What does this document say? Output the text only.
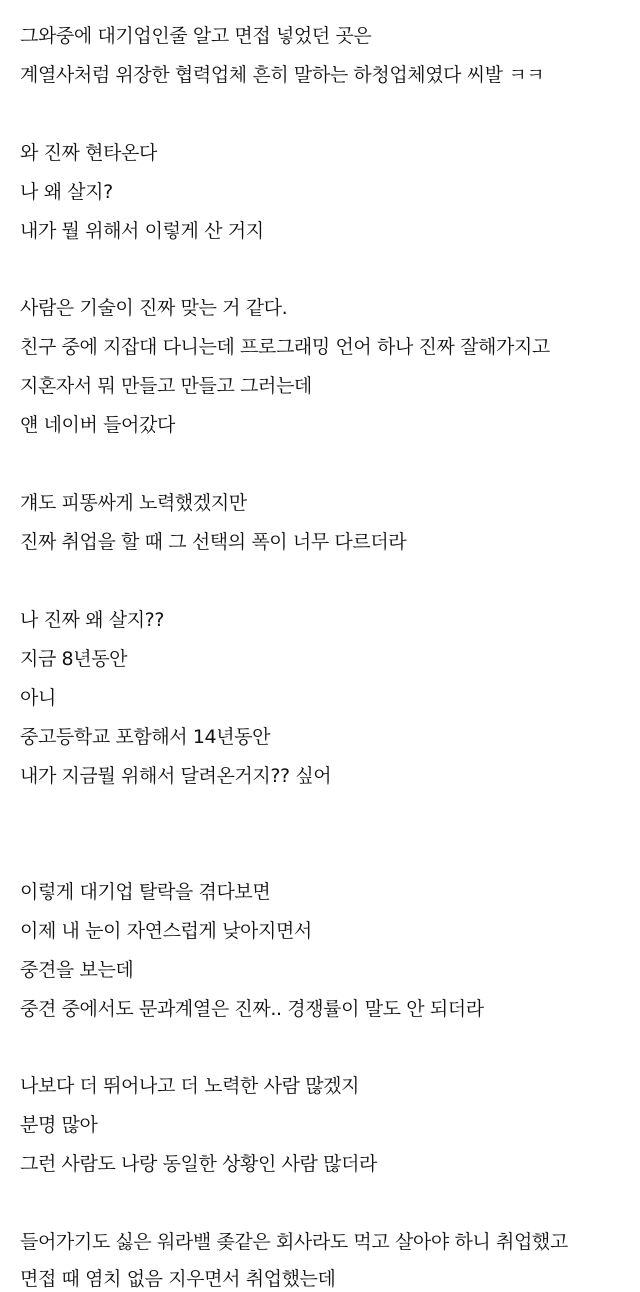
그와중에 대기업인줄 알고 면접 넣었던 곳은
계열사처럼 위장한 협력업체 흔히 말하는 하청업체였다 씨발 ㅋㅋ
와 진짜 현타온다
나 왜 살지?
내가 뭘 위해서 이렇게 산 거지
사람은 기술이 진짜 맞는 거 같다.
친구 중에 지잡대 다니는데 프로그래밍 언어 하나 진짜 잘해가지고
지혼자서 뭐 만들고 만들고 그러는데
얜 네이버 들어갔다
걔도 피똥싸게 노력했겠지만
진짜 취업을 할 때 그 선택의 폭이 너무 다르더라
나 진짜 왜 살지??
지금 8년동안
아니
중고등학교 포함해서 14년동안
내가 지금뭘 위해서 달려온거지?? 싶어
이렇게 대기업 탈락을 겪다보면
이제 내 눈이 자연스럽게 낮아지면서
중견을 보는데
중견 중에서도 문과계열은 진짜.. 경쟁률이 말도 안 되더라
나보다 더 뛰어나고 더 노력한 사람 많겠지
분명 많아
그런 사람도 나랑 동일한 상황인 사람 많더라
들어가기도 싫은 워라밸 좆같은 회사라도 먹고 살아야 하니 취업했고
면접 때 염치 없음 지우면서 취업했는데
